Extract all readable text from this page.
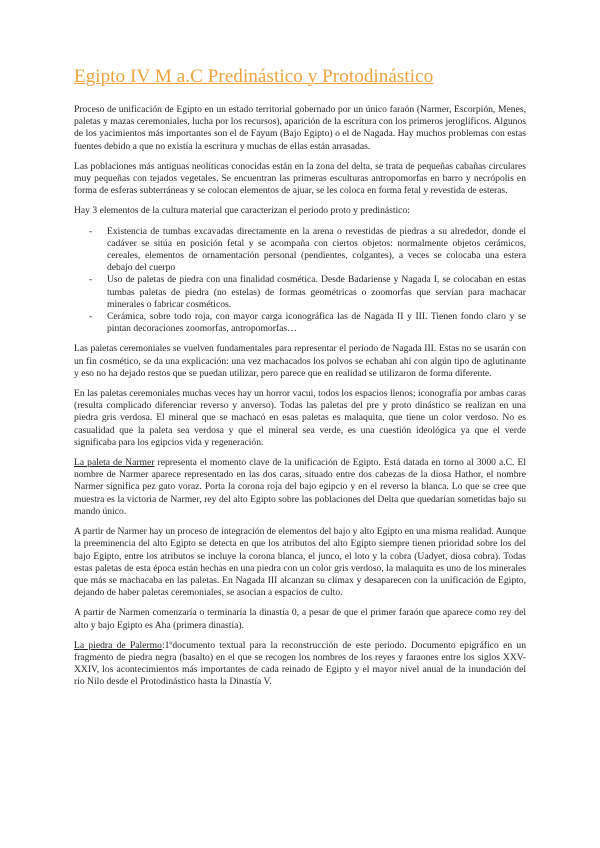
Egipto IV M a.C Predinástico y Protodinástico

Proceso de unificación de Egipto en un estado territorial gobernado por un único faraón (Narmer, Escorpión, Menes, paletas y mazas ceremoniales, lucha por los recursos), aparición de la escritura con los primeros jeroglíficos. Algunos de los yacimientos más importantes son el de Fayum (Bajo Egipto) o el de Nagada. Hay muchos problemas con estas fuentes debido a que no existía la escritura y muchas de ellas están arrasadas.

Las poblaciones más antiguas neolíticas conocidas están en la zona del delta, se trata de pequeñas cabañas circulares muy pequeñas con tejados vegetales. Se encuentran las primeras esculturas antropomorfas en barro y necrópolis en forma de esferas subterráneas y se colocan elementos de ajuar, se les coloca en forma fetal y revestida de esteras.

Hay 3 elementos de la cultura material que caracterizan el periodo proto y predinástico:

- Existencia de tumbas excavadas directamente en la arena o revestidas de piedras a su alrededor, donde el cadáver se sitúa en posición fetal y se acompaña con ciertos objetos: normalmente objetos cerámicos, cereales, elementos de ornamentación personal (pendientes, colgantes), a veces se colocaba una estera debajo del cuerpo
- Uso de paletas de piedra con una finalidad cosmética. Desde Badariense y Nagada I, se colocaban en estas tumbas paletas de piedra (no estelas) de formas geométricas o zoomorfas que servían para machacar minerales o fabricar cosméticos.
- Cerámica, sobre todo roja, con mayor carga iconográfica las de Nagada II y III. Tienen fondo claro y se pintan decoraciones zoomorfas, antropomorfas…

Las paletas ceremoniales se vuelven fundamentales para representar el periodo de Nagada III. Estas no se usarán con un fin cosmético, se da una explicación: una vez machacados los polvos se echaban ahí con algún tipo de aglutinante y eso no ha dejado restos que se puedan utilizar, pero parece que en realidad se utilizaron de forma diferente.

En las paletas ceremoniales muchas veces hay un horror vacui, todos los espacios llenos; iconografía por ambas caras (resulta complicado diferenciar reverso y anverso). Todas las paletas del pre y proto dinástico se realizan en una piedra gris verdosa. El mineral que se machacó en esas paletas es malaquita, que tiene un color verdoso. No es casualidad que la paleta sea verdosa y que el mineral sea verde, es una cuestión ideológica ya que el verde significaba para los egipcios vida y regeneración.

La paleta de Narmer representa el momento clave de la unificación de Egipto. Está datada en torno al 3000 a.C. El nombre de Narmer aparece representado en las dos caras, situado entre dos cabezas de la diosa Hathor, el nombre Narmer significa pez gato voraz. Porta la corona roja del bajo egipcio y en el reverso la blanca. Lo que se cree que muestra es la victoria de Narmer, rey del alto Egipto sobre las poblaciones del Delta que quedarían sometidas bajo su mando único.

A partir de Narmer hay un proceso de integración de elementos del bajo y alto Egipto en una misma realidad. Aunque la preeminencia del alto Egipto se detecta en que los atributos del alto Egipto siempre tienen prioridad sobre los del bajo Egipto, entre los atributos se incluye la corona blanca, el junco, el loto y la cobra (Uadyet, diosa cobra). Todas estas paletas de esta época están hechas en una piedra con un color gris verdoso, la malaquita es uno de los minerales que más se machacaba en las paletas. En Nagada III alcanzan su clímax y desaparecen con la unificación de Egipto, dejando de haber paletas ceremoniales, se asocian a espacios de culto.

A partir de Narmen comenzaría o terminaría la dinastía 0, a pesar de que el primer faraón que aparece como rey del alto y bajo Egipto es Aha (primera dinastía).

La piedra de Palermo:1ºdocumento textual para la reconstrucción de este periodo. Documento epigráfico en un fragmento de piedra negra (basalto) en el que se recogen los nombres de los reyes y faraones entre los siglos XXV-XXIV, los acontecimientos más importantes de cada reinado de Egipto y el mayor nivel anual de la inundación del río Nilo desde el Protodinástico hasta la Dinastía V.
